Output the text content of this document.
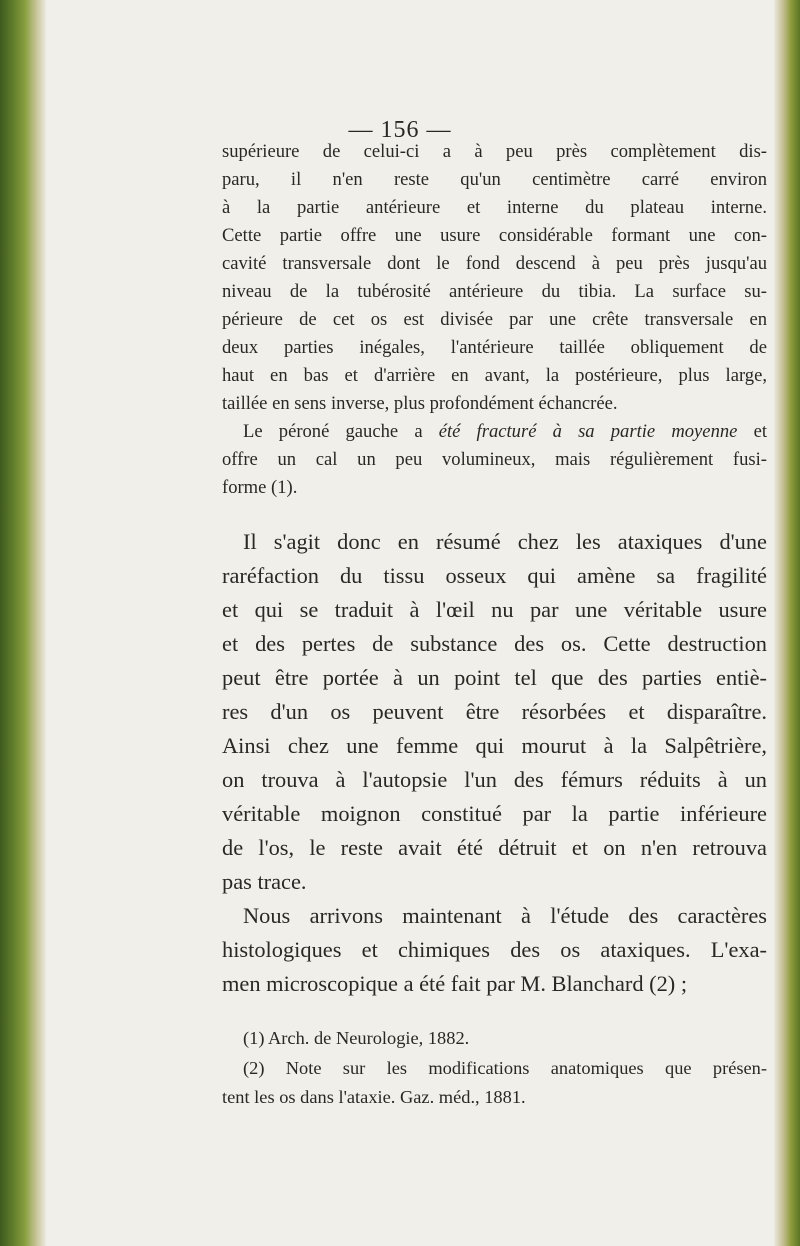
— 156 —
supérieure de celui-ci a à peu près complètement dis-
paru, il n'en reste qu'un centimètre carré environ
à la partie antérieure et interne du plateau interne.
Cette partie offre une usure considérable formant une con-
cavité transversale dont le fond descend à peu près jusqu'au
niveau de la tubérosité antérieure du tibia. La surface su-
périeure de cet os est divisée par une crête transversale en
deux parties inégales, l'antérieure taillée obliquement de
haut en bas et d'arrière en avant, la postérieure, plus large,
taillée en sens inverse, plus profondément échancrée.
Le péroné gauche a été fracturé à sa partie moyenne et
offre un cal un peu volumineux, mais régulièrement fusi-
forme (1).
Il s'agit donc en résumé chez les ataxiques d'une
raréfaction du tissu osseux qui amène sa fragilité
et qui se traduit à l'œil nu par une véritable usure
et des pertes de substance des os. Cette destruction
peut être portée à un point tel que des parties entiè-
res d'un os peuvent être résorbées et disparaître.
Ainsi chez une femme qui mourut à la Salpêtrière,
on trouva à l'autopsie l'un des fémurs réduits à un
véritable moignon constitué par la partie inférieure
de l'os, le reste avait été détruit et on n'en retrouva
pas trace.
Nous arrivons maintenant à l'étude des caractères
histologiques et chimiques des os ataxiques. L'exa-
men microscopique a été fait par M. Blanchard (2) ;
(1) Arch. de Neurologie, 1882.
(2) Note sur les modifications anatomiques que présen-
tent les os dans l'ataxie. Gaz. méd., 1881.
